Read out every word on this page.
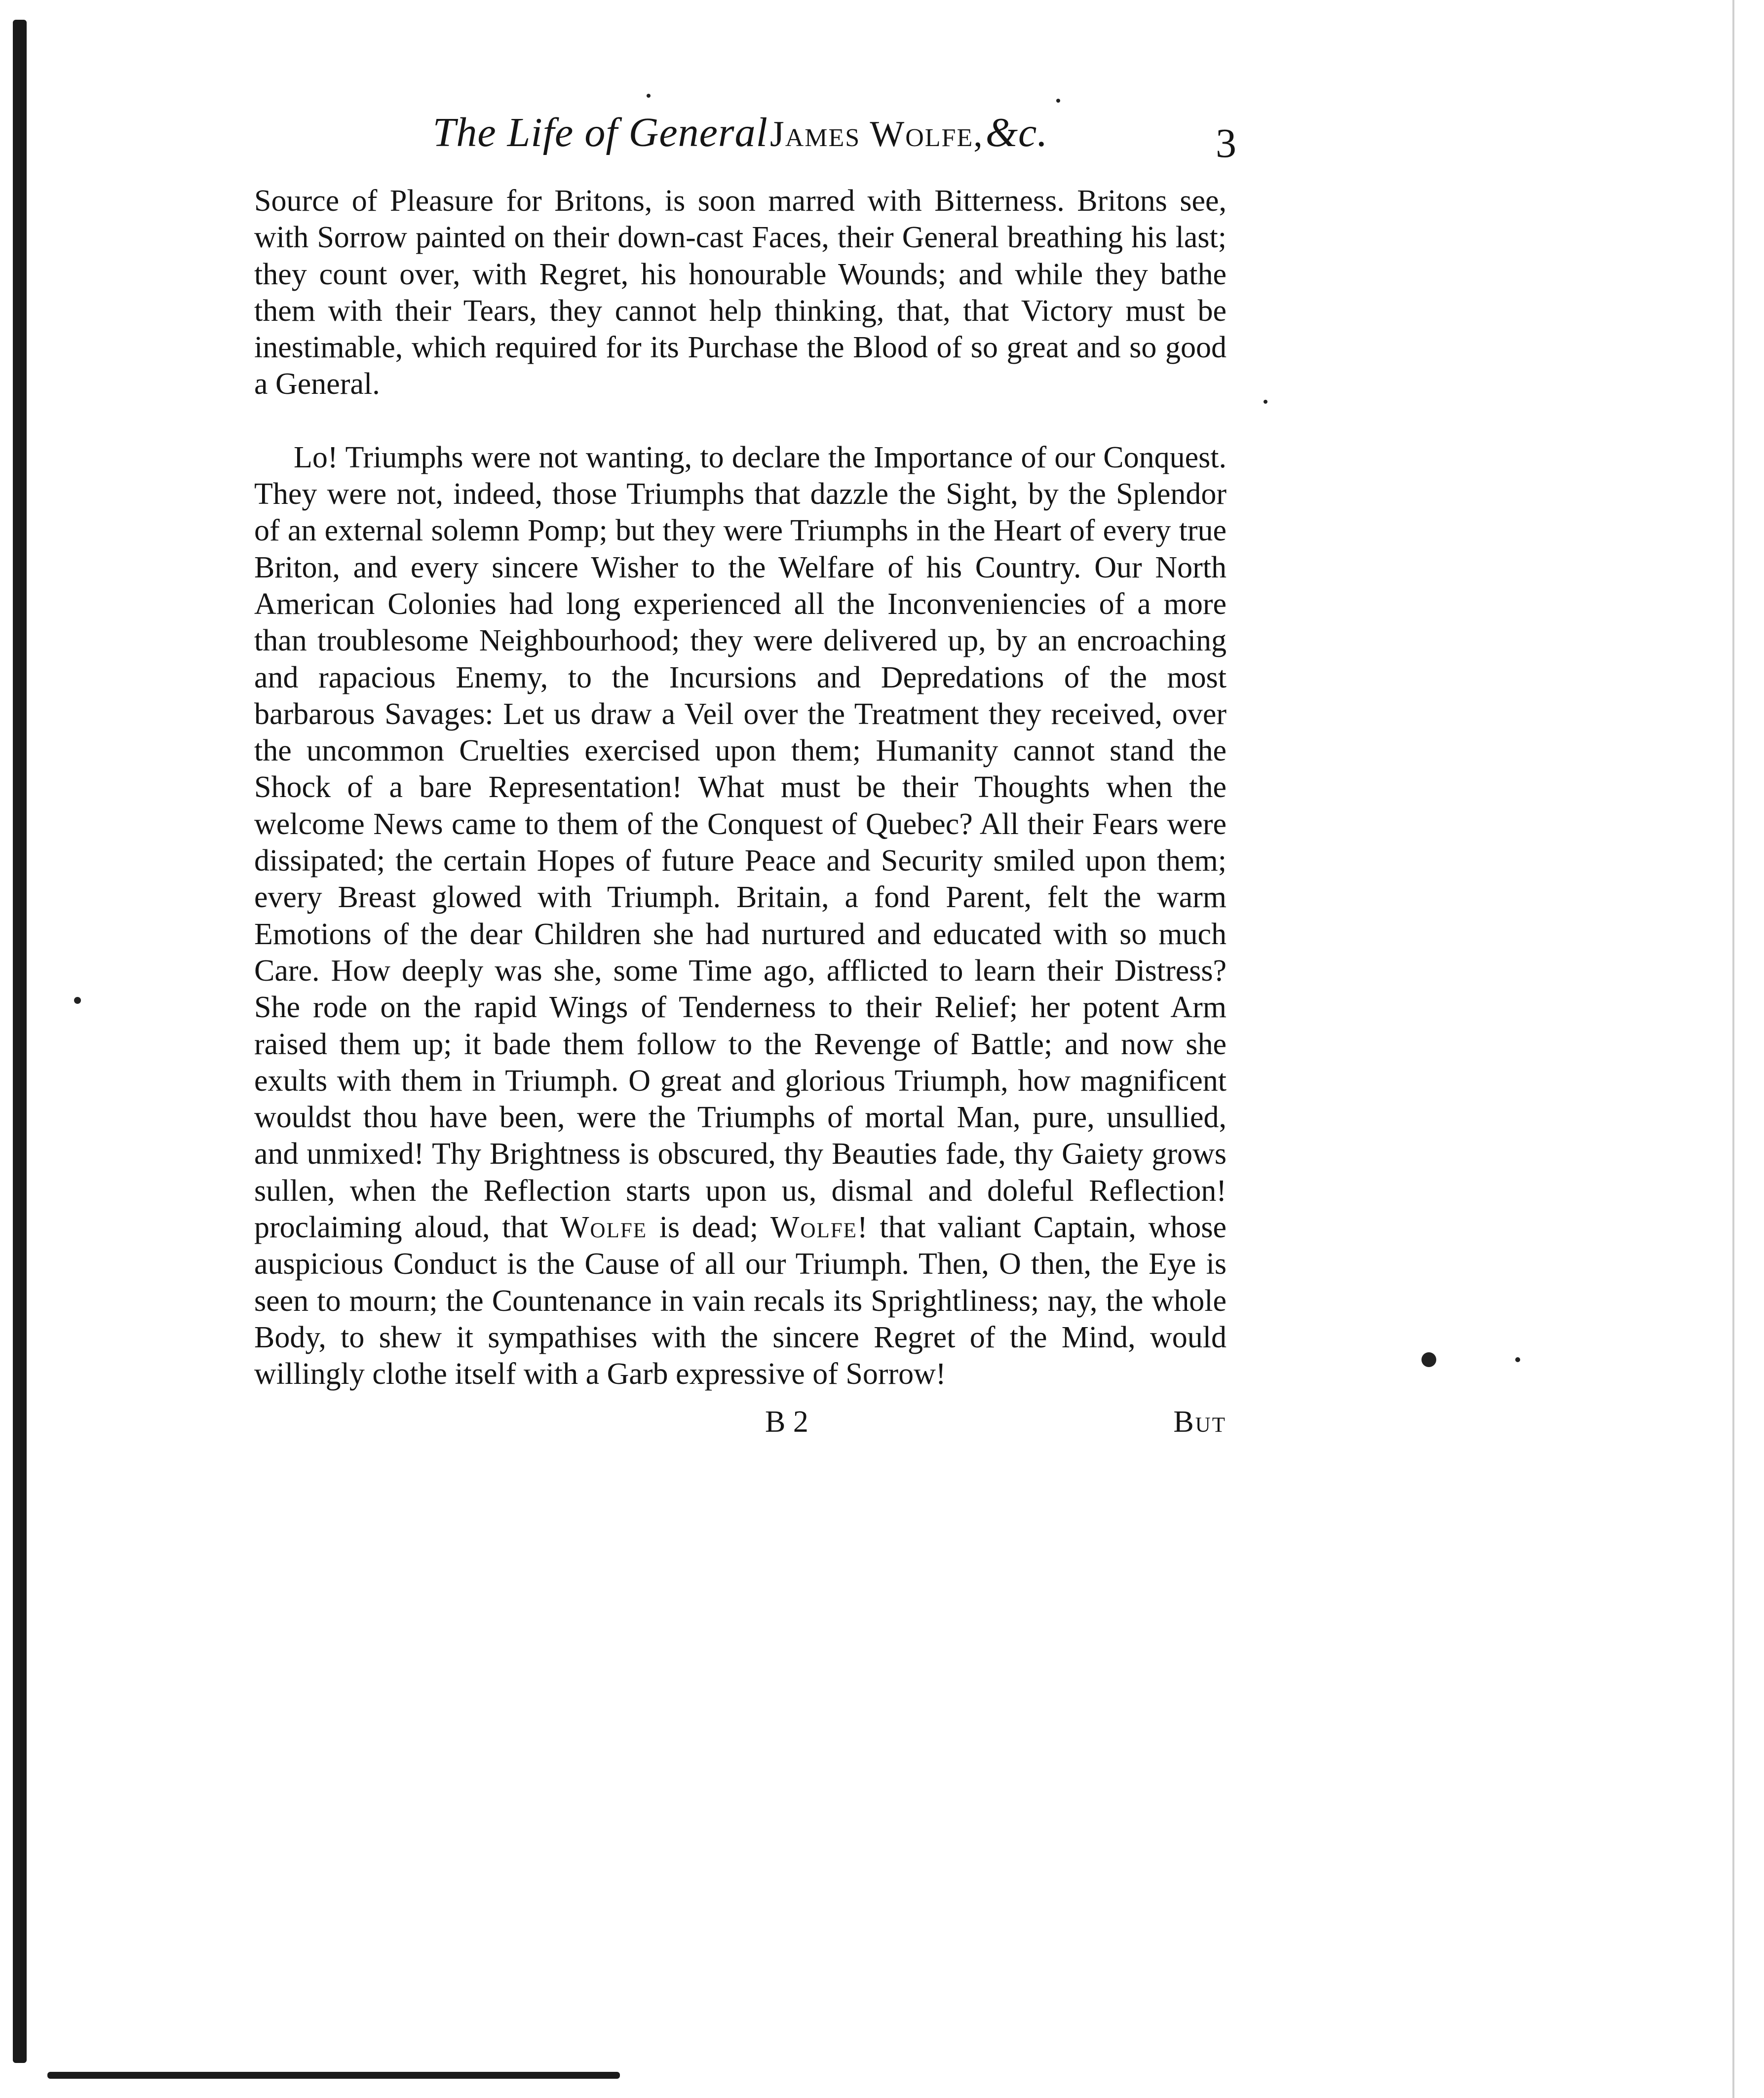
The Life of General James Wolfe, &c.	3

Source of Pleasure for Britons, is soon marred with Bitterness. Britons see, with Sorrow painted on their down-cast Faces, their General breathing his last; they count over, with Regret, his honourable Wounds; and while they bathe them with their Tears, they cannot help thinking, that, that Victory must be inestimable, which required for its Purchase the Blood of so great and so good a General.

Lo! Triumphs were not wanting, to declare the Importance of our Conquest. They were not, indeed, those Triumphs that dazzle the Sight, by the Splendor of an external solemn Pomp; but they were Triumphs in the Heart of every true Briton, and every sincere Wisher to the Welfare of his Country. Our North American Colonies had long experienced all the Inconveniencies of a more than troublesome Neighbourhood; they were delivered up, by an encroaching and rapacious Enemy, to the Incursions and Depredations of the most barbarous Savages: Let us draw a Veil over the Treatment they received, over the uncommon Cruelties exercised upon them; Humanity cannot stand the Shock of a bare Representation! What must be their Thoughts when the welcome News came to them of the Conquest of Quebec? All their Fears were dissipated; the certain Hopes of future Peace and Security smiled upon them; every Breast glowed with Triumph. Britain, a fond Parent, felt the warm Emotions of the dear Children she had nurtured and educated with so much Care. How deeply was she, some Time ago, afflicted to learn their Distress? She rode on the rapid Wings of Tenderness to their Relief; her potent Arm raised them up; it bade them follow to the Revenge of Battle; and now she exults with them in Triumph. O great and glorious Triumph, how magnificent wouldst thou have been, were the Triumphs of mortal Man, pure, unsullied, and unmixed! Thy Brightness is obscured, thy Beauties fade, thy Gaiety grows sullen, when the Reflection starts upon us, dismal and doleful Reflection! proclaiming aloud, that Wolfe is dead; Wolfe! that valiant Captain, whose auspicious Conduct is the Cause of all our Triumph. Then, O then, the Eye is seen to mourn; the Countenance in vain recals its Sprightliness; nay, the whole Body, to shew it sympathises with the sincere Regret of the Mind, would willingly clothe itself with a Garb expressive of Sorrow!

B 2	But
